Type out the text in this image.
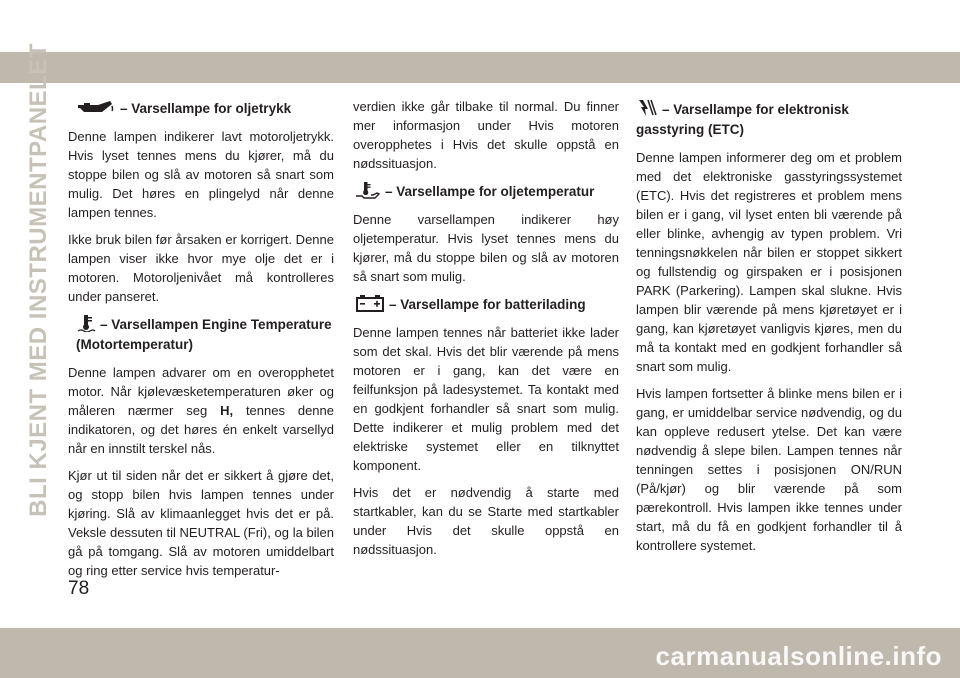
BLI KJENT MED INSTRUMENTPANELET	– Varsellampe for oljetrykk

Denne lampen indikerer lavt motoroljetrykk. Hvis lyset tennes mens du kjører, må du stoppe bilen og slå av motoren så snart som mulig. Det høres en plingelyd når denne lampen tennes.

Ikke bruk bilen før årsaken er korrigert. Denne lampen viser ikke hvor mye olje det er i motoren. Motoroljenivået må kontrolleres under panseret.

– Varsellampen Engine Temperature (Motortemperatur)

Denne lampen advarer om en overopphetet motor. Når kjølevæsketemperaturen øker og måleren nærmer seg H, tennes denne indikatoren, og det høres én enkelt varsellyd når en innstilt terskel nås.

Kjør ut til siden når det er sikkert å gjøre det, og stopp bilen hvis lampen tennes under kjøring. Slå av klimaanlegget hvis det er på. Veksle dessuten til NEUTRAL (Fri), og la bilen gå på tomgang. Slå av motoren umiddelbart og ring etter service hvis temperatur-

verdien ikke går tilbake til normal. Du finner mer informasjon under Hvis motoren overopphetes i Hvis det skulle oppstå en nødssituasjon.

– Varsellampe for oljetemperatur

Denne varsellampen indikerer høy oljetemperatur. Hvis lyset tennes mens du kjører, må du stoppe bilen og slå av motoren så snart som mulig.

– Varsellampe for batterilading

Denne lampen tennes når batteriet ikke lader som det skal. Hvis det blir værende på mens motoren er i gang, kan det være en feilfunksjon på ladesystemet. Ta kontakt med en godkjent forhandler så snart som mulig. Dette indikerer et mulig problem med det elektriske systemet eller en tilknyttet komponent.

Hvis det er nødvendig å starte med startkabler, kan du se Starte med startkabler under Hvis det skulle oppstå en nødssituasjon.

– Varsellampe for elektronisk gasstyring (ETC)

Denne lampen informerer deg om et problem med det elektroniske gasstyringssystemet (ETC). Hvis det registreres et problem mens bilen er i gang, vil lyset enten bli værende på eller blinke, avhengig av typen problem. Vri tenningsnøkkelen når bilen er stoppet sikkert og fullstendig og girspaken er i posisjonen PARK (Parkering). Lampen skal slukne. Hvis lampen blir værende på mens kjøretøyet er i gang, kan kjøretøyet vanligvis kjøres, men du må ta kontakt med en godkjent forhandler så snart som mulig.

Hvis lampen fortsetter å blinke mens bilen er i gang, er umiddelbar service nødvendig, og du kan oppleve redusert ytelse. Det kan være nødvendig å slepe bilen. Lampen tennes når tenningen settes i posisjonen ON/RUN (På/kjør) og blir værende på som pærekontroll. Hvis lampen ikke tennes under start, må du få en godkjent forhandler til å kontrollere systemet.

78
carmanualsonline.info
